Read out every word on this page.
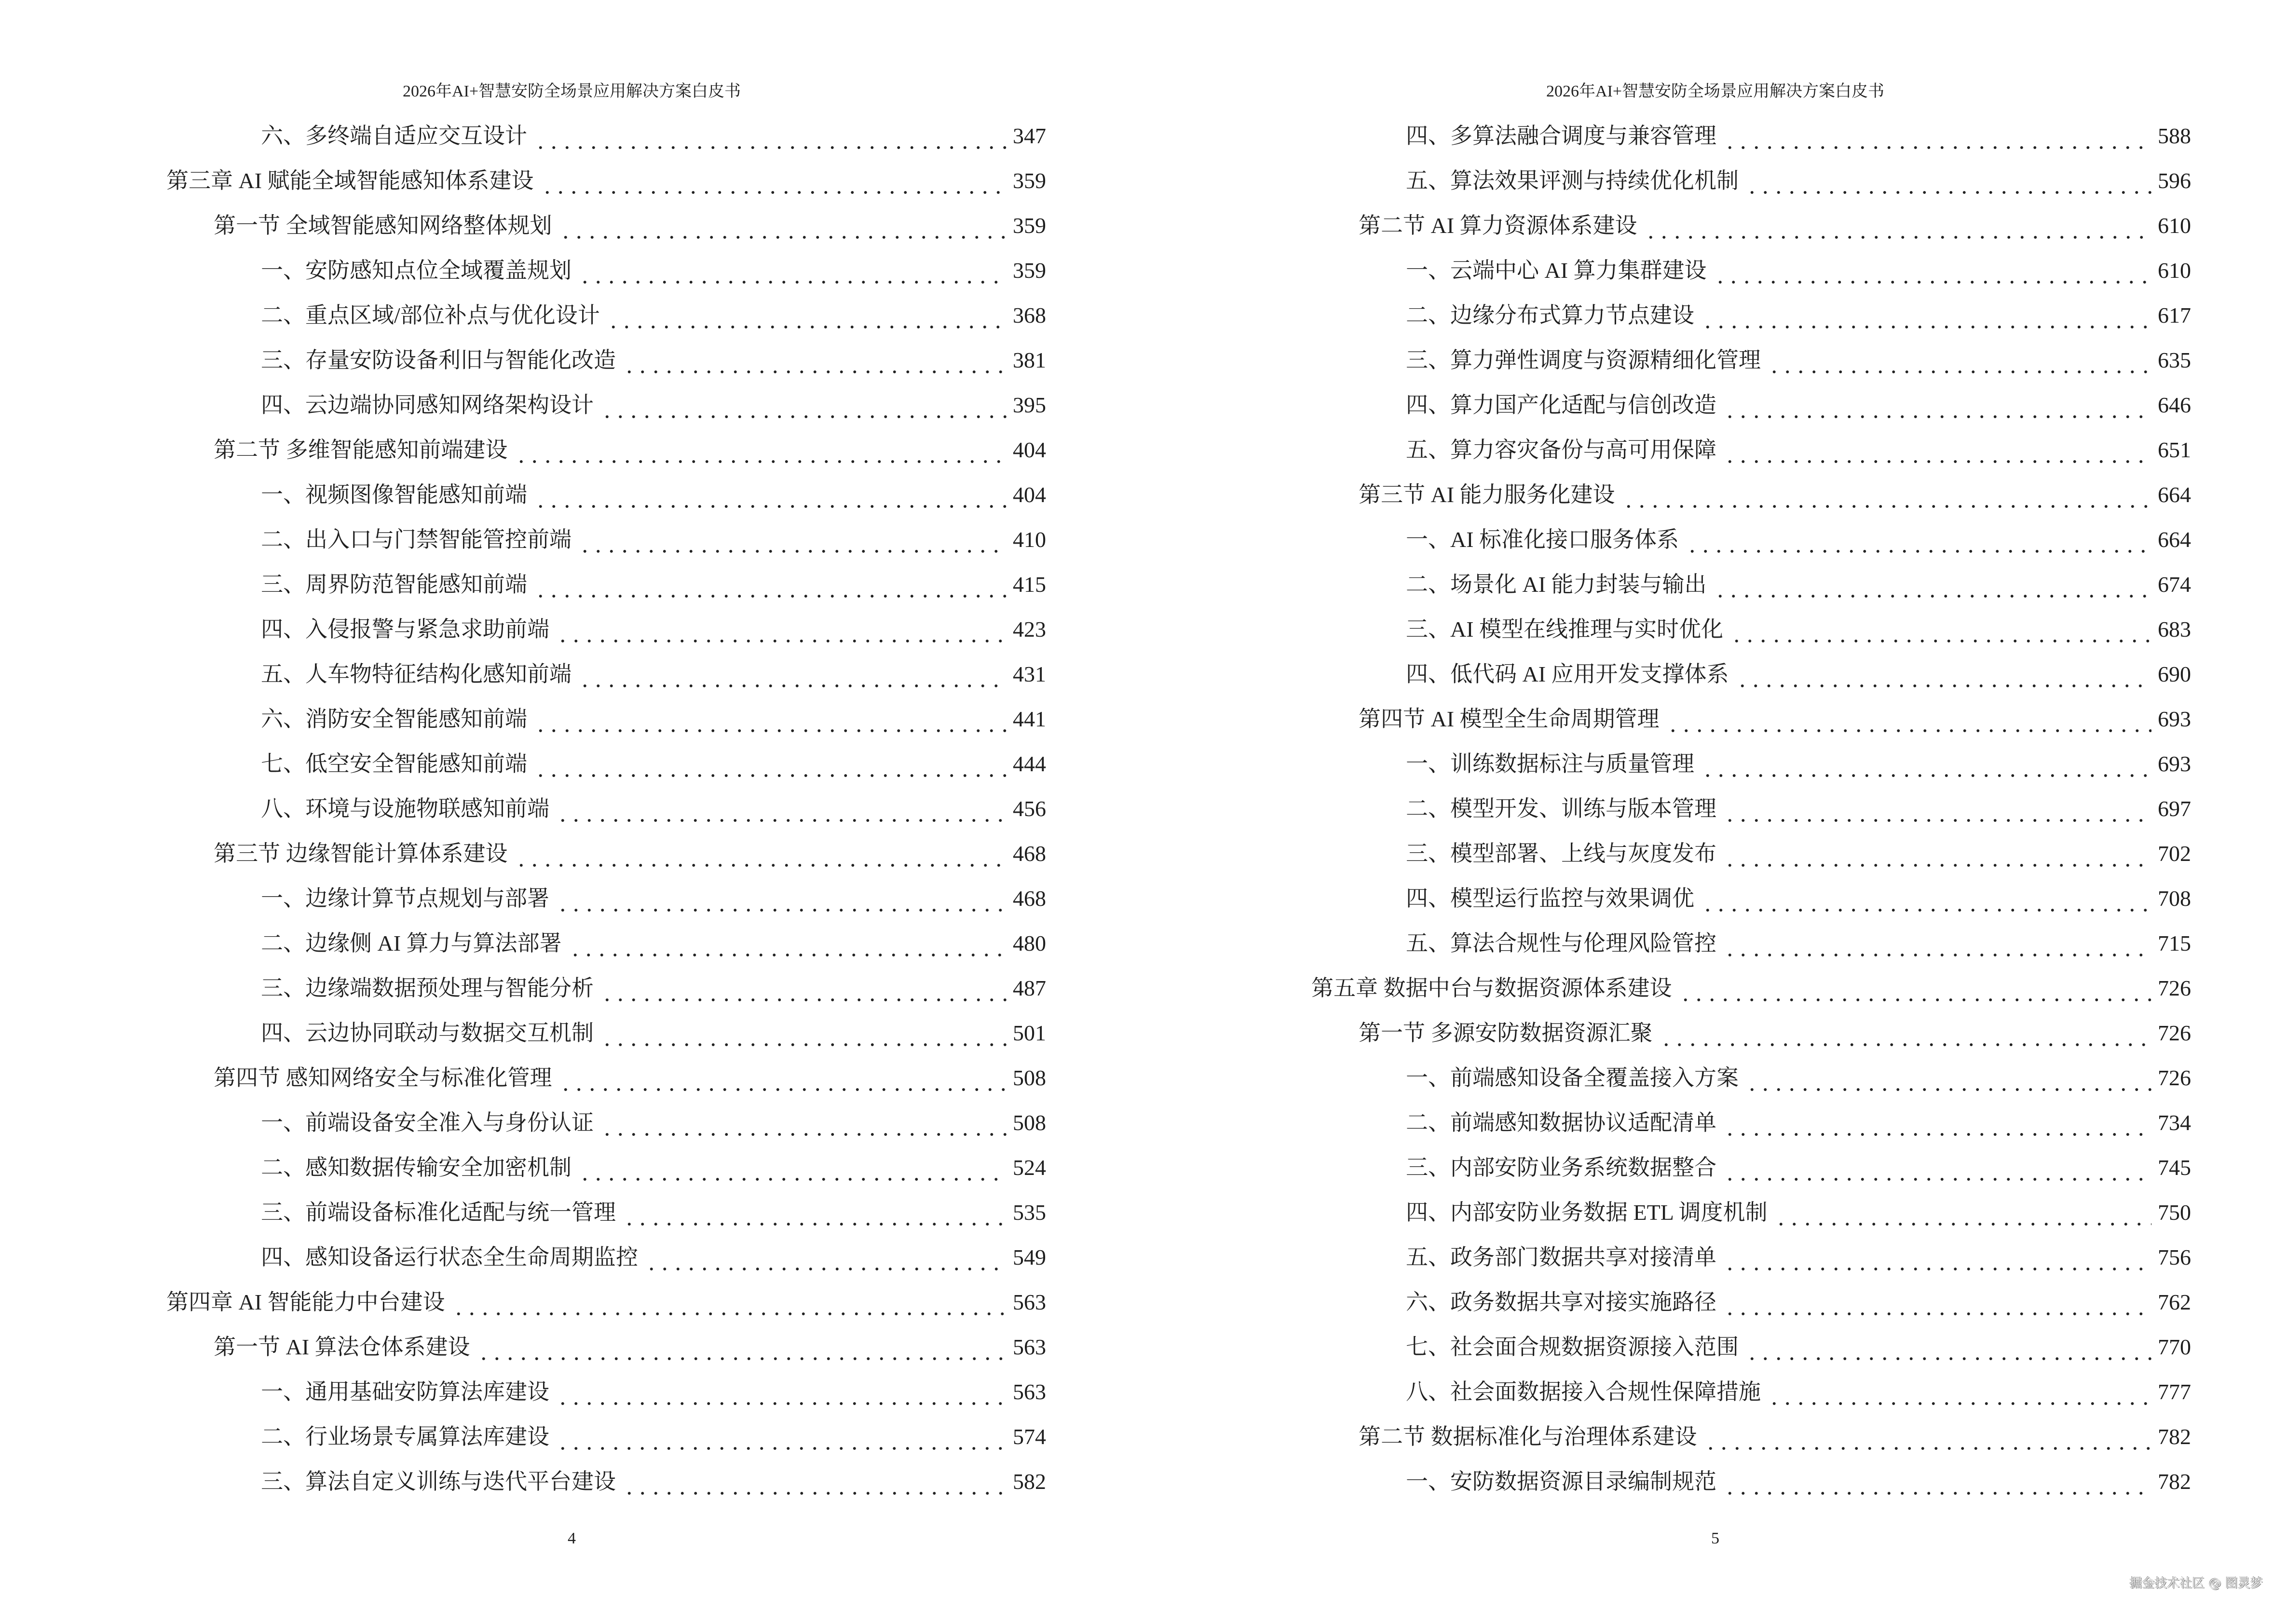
2026年AI+智慧安防全场景应用解决方案白皮书
六、多终端自适应交互设计	347
第三章 AI 赋能全域智能感知体系建设	359
第一节 全域智能感知网络整体规划	359
一、安防感知点位全域覆盖规划	359
二、重点区域/部位补点与优化设计	368
三、存量安防设备利旧与智能化改造	381
四、云边端协同感知网络架构设计	395
第二节 多维智能感知前端建设	404
一、视频图像智能感知前端	404
二、出入口与门禁智能管控前端	410
三、周界防范智能感知前端	415
四、入侵报警与紧急求助前端	423
五、人车物特征结构化感知前端	431
六、消防安全智能感知前端	441
七、低空安全智能感知前端	444
八、环境与设施物联感知前端	456
第三节 边缘智能计算体系建设	468
一、边缘计算节点规划与部署	468
二、边缘侧 AI 算力与算法部署	480
三、边缘端数据预处理与智能分析	487
四、云边协同联动与数据交互机制	501
第四节 感知网络安全与标准化管理	508
一、前端设备安全准入与身份认证	508
二、感知数据传输安全加密机制	524
三、前端设备标准化适配与统一管理	535
四、感知设备运行状态全生命周期监控	549
第四章 AI 智能能力中台建设	563
第一节 AI 算法仓体系建设	563
一、通用基础安防算法库建设	563
二、行业场景专属算法库建设	574
三、算法自定义训练与迭代平台建设	582
4
2026年AI+智慧安防全场景应用解决方案白皮书
四、多算法融合调度与兼容管理	588
五、算法效果评测与持续优化机制	596
第二节 AI 算力资源体系建设	610
一、云端中心 AI 算力集群建设	610
二、边缘分布式算力节点建设	617
三、算力弹性调度与资源精细化管理	635
四、算力国产化适配与信创改造	646
五、算力容灾备份与高可用保障	651
第三节 AI 能力服务化建设	664
一、AI 标准化接口服务体系	664
二、场景化 AI 能力封装与输出	674
三、AI 模型在线推理与实时优化	683
四、低代码 AI 应用开发支撑体系	690
第四节 AI 模型全生命周期管理	693
一、训练数据标注与质量管理	693
二、模型开发、训练与版本管理	697
三、模型部署、上线与灰度发布	702
四、模型运行监控与效果调优	708
五、算法合规性与伦理风险管控	715
第五章 数据中台与数据资源体系建设	726
第一节 多源安防数据资源汇聚	726
一、前端感知设备全覆盖接入方案	726
二、前端感知数据协议适配清单	734
三、内部安防业务系统数据整合	745
四、内部安防业务数据 ETL 调度机制	750
五、政务部门数据共享对接清单	756
六、政务数据共享对接实施路径	762
七、社会面合规数据资源接入范围	770
八、社会面数据接入合规性保障措施	777
第二节 数据标准化与治理体系建设	782
一、安防数据资源目录编制规范	782
5
掘金技术社区 @ 图灵梦
